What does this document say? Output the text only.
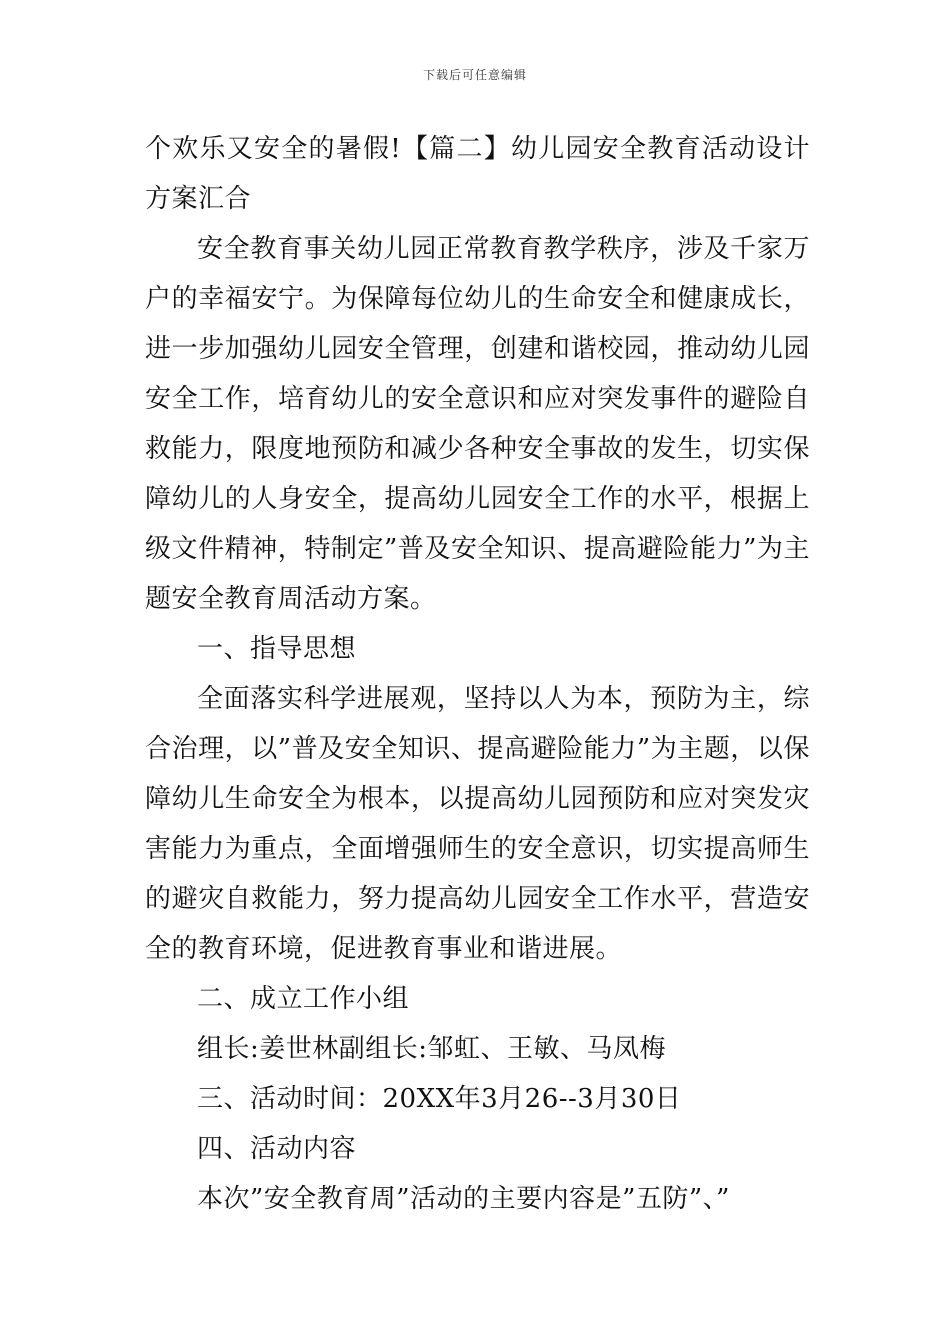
下载后可任意编辑

个欢乐又安全的暑假!【篇二】幼儿园安全教育活动设计方案汇合

安全教育事关幼儿园正常教育教学秩序，涉及千家万户的幸福安宁。为保障每位幼儿的生命安全和健康成长，进一步加强幼儿园安全管理，创建和谐校园，推动幼儿园安全工作，培育幼儿的安全意识和应对突发事件的避险自救能力，限度地预防和减少各种安全事故的发生，切实保障幼儿的人身安全，提高幼儿园安全工作的水平，根据上级文件精神，特制定”普及安全知识、提高避险能力”为主题安全教育周活动方案。

一、指导思想

全面落实科学进展观，坚持以人为本，预防为主，综合治理，以”普及安全知识、提高避险能力”为主题，以保障幼儿生命安全为根本，以提高幼儿园预防和应对突发灾害能力为重点，全面增强师生的安全意识，切实提高师生的避灾自救能力，努力提高幼儿园安全工作水平，营造安全的教育环境，促进教育事业和谐进展。

二、成立工作小组

组长:姜世林副组长:邹虹、王敏、马凤梅

三、活动时间：20XX年3月26--3月30日

四、活动内容

本次”安全教育周”活动的主要内容是”五防”、”
